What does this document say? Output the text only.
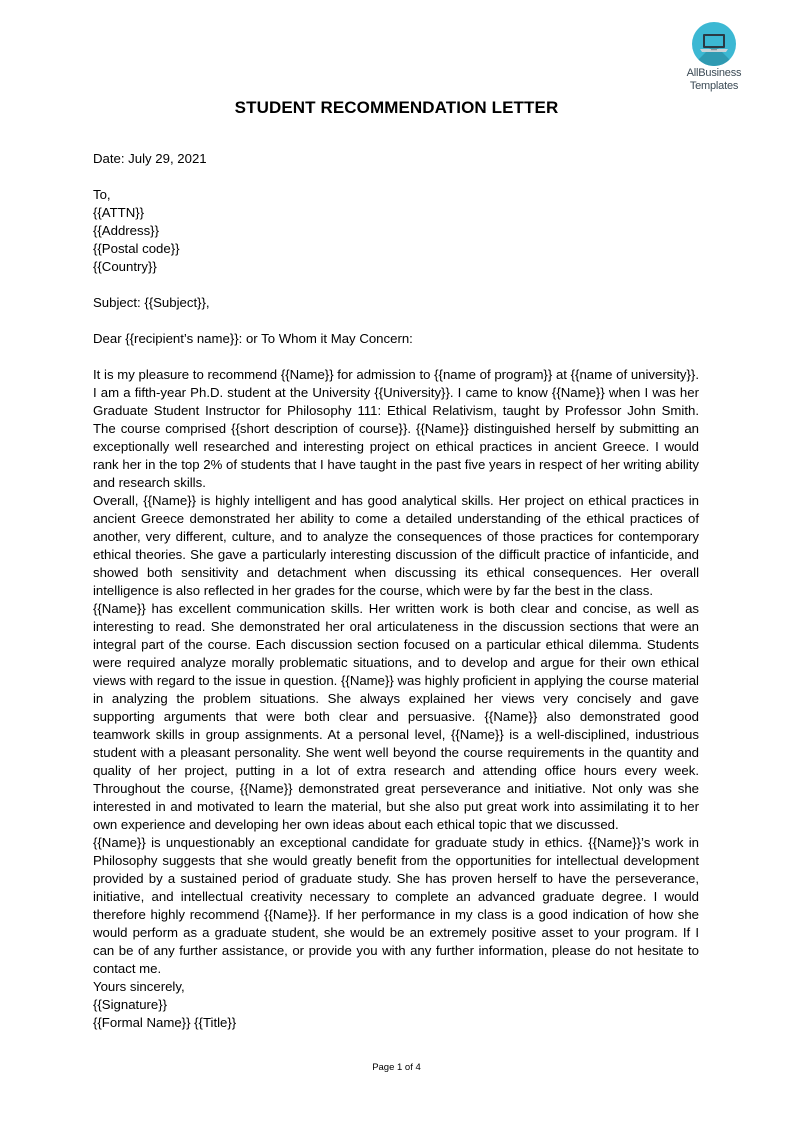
AllBusiness
Templates
STUDENT RECOMMENDATION LETTER

Date: July 29, 2021

To,

{{ATTN}}

{{Address}}

{{Postal code}}

{{Country}}

Subject: {{Subject}},

Dear {{recipient’s name}}: or To Whom it May Concern:

It is my pleasure to recommend {{Name}} for admission to {{name of program}} at {{name of university}}. I am a fifth-year Ph.D. student at the University {{University}}. I came to know {{Name}} when I was her Graduate Student Instructor for Philosophy 111: Ethical Relativism, taught by Professor John Smith. The course comprised {{short description of course}}. {{Name}} distinguished herself by submitting an exceptionally well researched and interesting project on ethical practices in ancient Greece. I would rank her in the top 2% of students that I have taught in the past five years in respect of her writing ability and research skills.

Overall, {{Name}} is highly intelligent and has good analytical skills. Her project on ethical practices in ancient Greece demonstrated her ability to come a detailed understanding of the ethical practices of another, very different, culture, and to analyze the consequences of those practices for contemporary ethical theories. She gave a particularly interesting discussion of the difficult practice of infanticide, and showed both sensitivity and detachment when discussing its ethical consequences. Her overall intelligence is also reflected in her grades for the course, which were by far the best in the class.

{{Name}} has excellent communication skills. Her written work is both clear and concise, as well as interesting to read. She demonstrated her oral articulateness in the discussion sections that were an integral part of the course. Each discussion section focused on a particular ethical dilemma. Students were required analyze morally problematic situations, and to develop and argue for their own ethical views with regard to the issue in question. {{Name}} was highly proficient in applying the course material in analyzing the problem situations. She always explained her views very concisely and gave supporting arguments that were both clear and persuasive. {{Name}} also demonstrated good teamwork skills in group assignments. At a personal level, {{Name}} is a well-disciplined, industrious student with a pleasant personality. She went well beyond the course requirements in the quantity and quality of her project, putting in a lot of extra research and attending office hours every week. Throughout the course, {{Name}} demonstrated great perseverance and initiative. Not only was she interested in and motivated to learn the material, but she also put great work into assimilating it to her own experience and developing her own ideas about each ethical topic that we discussed.

{{Name}} is unquestionably an exceptional candidate for graduate study in ethics. {{Name}}’s work in Philosophy suggests that she would greatly benefit from the opportunities for intellectual development provided by a sustained period of graduate study. She has proven herself to have the perseverance, initiative, and intellectual creativity necessary to complete an advanced graduate degree. I would therefore highly recommend {{Name}}. If her performance in my class is a good indication of how she would perform as a graduate student, she would be an extremely positive asset to your program. If I can be of any further assistance, or provide you with any further information, please do not hesitate to contact me.

Yours sincerely,

{{Signature}}

{{Formal Name}} {{Title}}

Page 1 of 4
